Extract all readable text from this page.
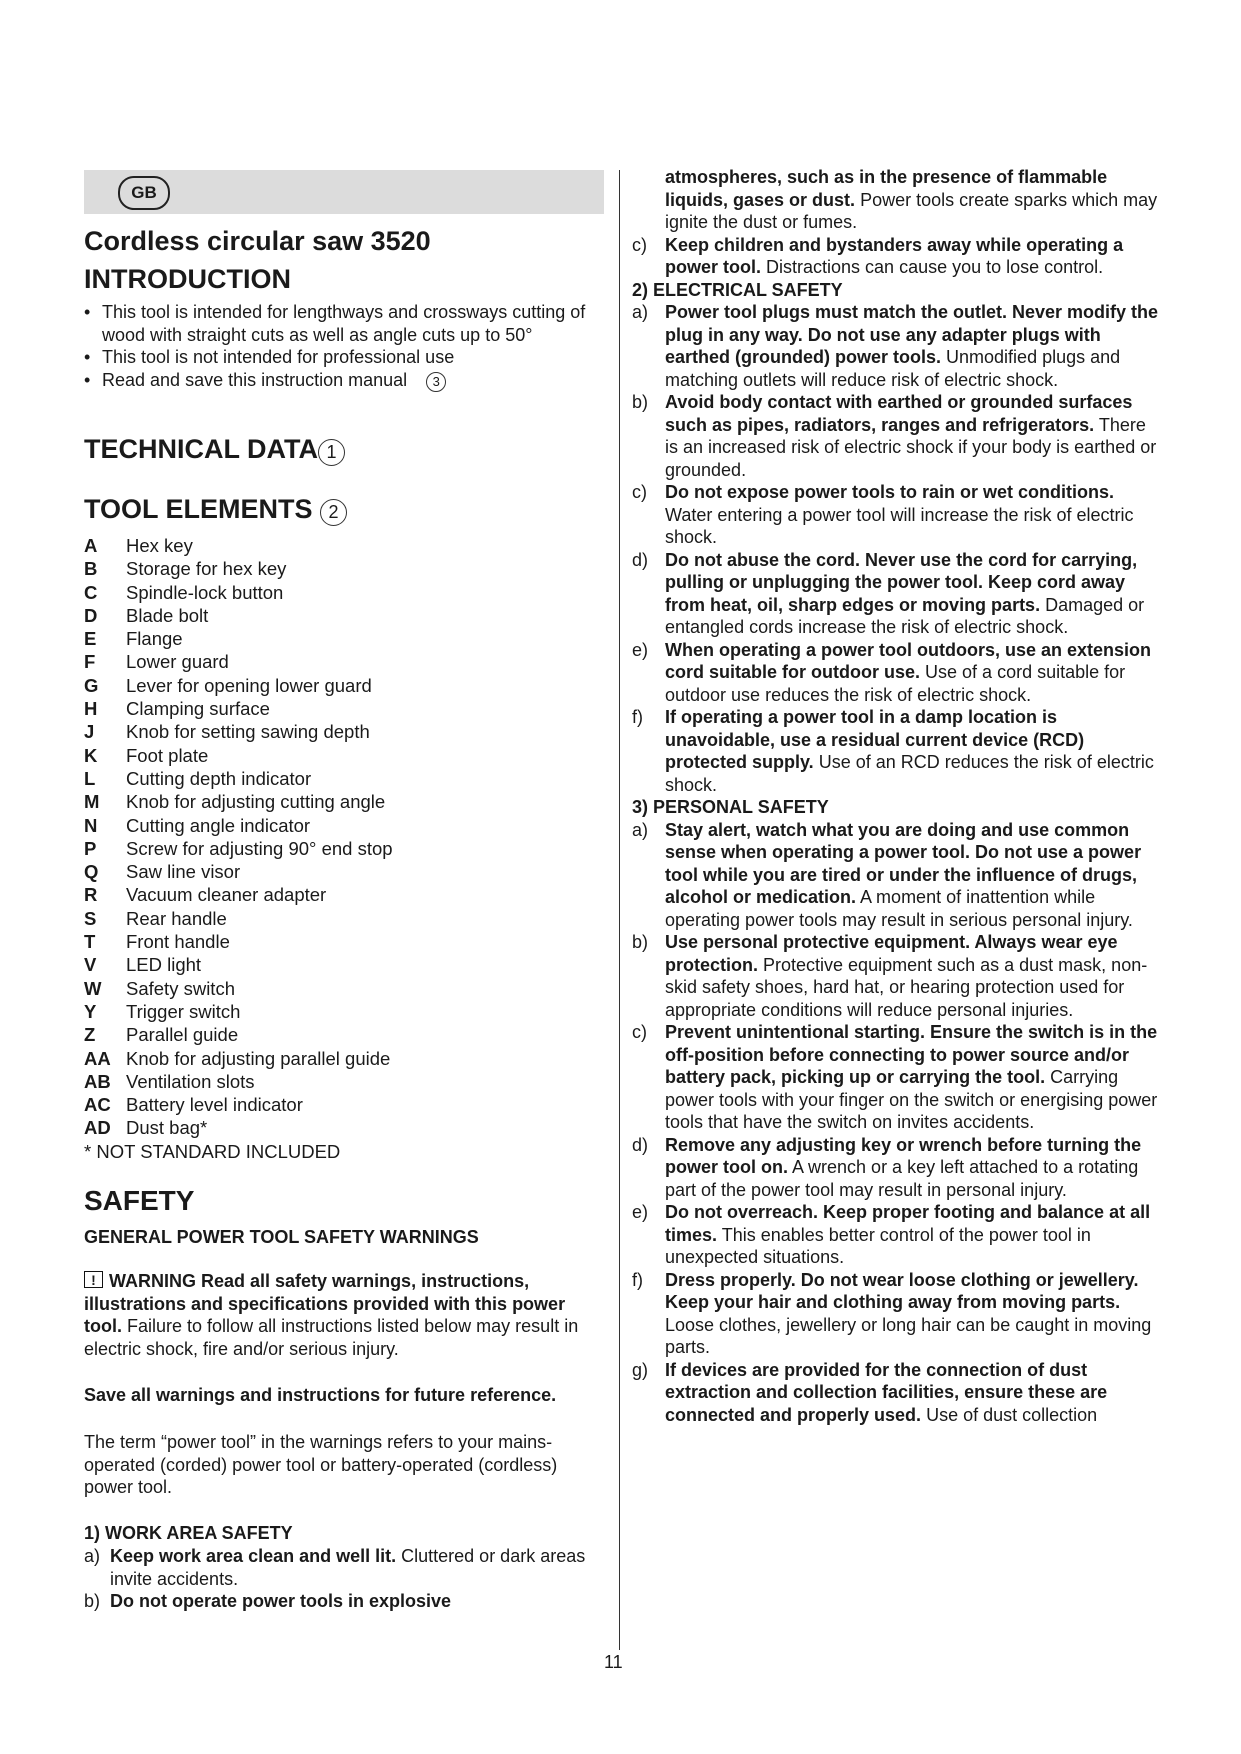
GB
Cordless circular saw 3520
INTRODUCTION
• This tool is intended for lengthways and crossways cutting of wood with straight cuts as well as angle cuts up to 50°
• This tool is not intended for professional use
• Read and save this instruction manual 3
TECHNICAL DATA 1
TOOL ELEMENTS 2
A	Hex key
B	Storage for hex key
C	Spindle-lock button
D	Blade bolt
E	Flange
F	Lower guard
G	Lever for opening lower guard
H	Clamping surface
J	Knob for setting sawing depth
K	Foot plate
L	Cutting depth indicator
M	Knob for adjusting cutting angle
N	Cutting angle indicator
P	Screw for adjusting 90° end stop
Q	Saw line visor
R	Vacuum cleaner adapter
S	Rear handle
T	Front handle
V	LED light
W	Safety switch
Y	Trigger switch
Z	Parallel guide
AA Knob for adjusting parallel guide
AB Ventilation slots
AC Battery level indicator
AD Dust bag*
* NOT STANDARD INCLUDED
SAFETY
GENERAL POWER TOOL SAFETY WARNINGS
!WARNING Read all safety warnings, instructions, illustrations and specifications provided with this power tool. Failure to follow all instructions listed below may result in electric shock, fire and/or serious injury.
Save all warnings and instructions for future reference.
The term “power tool” in the warnings refers to your mains-operated (corded) power tool or battery-operated (cordless) power tool.
1) WORK AREA SAFETY
a) Keep work area clean and well lit. Cluttered or dark areas invite accidents.
b) Do not operate power tools in explosive
atmospheres, such as in the presence of flammable liquids, gases or dust. Power tools create sparks which may ignite the dust or fumes.
c) Keep children and bystanders away while operating a power tool. Distractions can cause you to lose control.
2) ELECTRICAL SAFETY
a) Power tool plugs must match the outlet. Never modify the plug in any way. Do not use any adapter plugs with earthed (grounded) power tools. Unmodified plugs and matching outlets will reduce risk of electric shock.
b) Avoid body contact with earthed or grounded surfaces such as pipes, radiators, ranges and refrigerators. There is an increased risk of electric shock if your body is earthed or grounded.
c) Do not expose power tools to rain or wet conditions. Water entering a power tool will increase the risk of electric shock.
d) Do not abuse the cord. Never use the cord for carrying, pulling or unplugging the power tool. Keep cord away from heat, oil, sharp edges or moving parts. Damaged or entangled cords increase the risk of electric shock.
e) When operating a power tool outdoors, use an extension cord suitable for outdoor use. Use of a cord suitable for outdoor use reduces the risk of electric shock.
f) If operating a power tool in a damp location is unavoidable, use a residual current device (RCD) protected supply. Use of an RCD reduces the risk of electric shock.
3) PERSONAL SAFETY
a) Stay alert, watch what you are doing and use common sense when operating a power tool. Do not use a power tool while you are tired or under the influence of drugs, alcohol or medication. A moment of inattention while operating power tools may result in serious personal injury.
b) Use personal protective equipment. Always wear eye protection. Protective equipment such as a dust mask, non-skid safety shoes, hard hat, or hearing protection used for appropriate conditions will reduce personal injuries.
c) Prevent unintentional starting. Ensure the switch is in the off-position before connecting to power source and/or battery pack, picking up or carrying the tool. Carrying power tools with your finger on the switch or energising power tools that have the switch on invites accidents.
d) Remove any adjusting key or wrench before turning the power tool on. A wrench or a key left attached to a rotating part of the power tool may result in personal injury.
e) Do not overreach. Keep proper footing and balance at all times. This enables better control of the power tool in unexpected situations.
f) Dress properly. Do not wear loose clothing or jewellery. Keep your hair and clothing away from moving parts. Loose clothes, jewellery or long hair can be caught in moving parts.
g) If devices are provided for the connection of dust extraction and collection facilities, ensure these are connected and properly used. Use of dust collection
11
